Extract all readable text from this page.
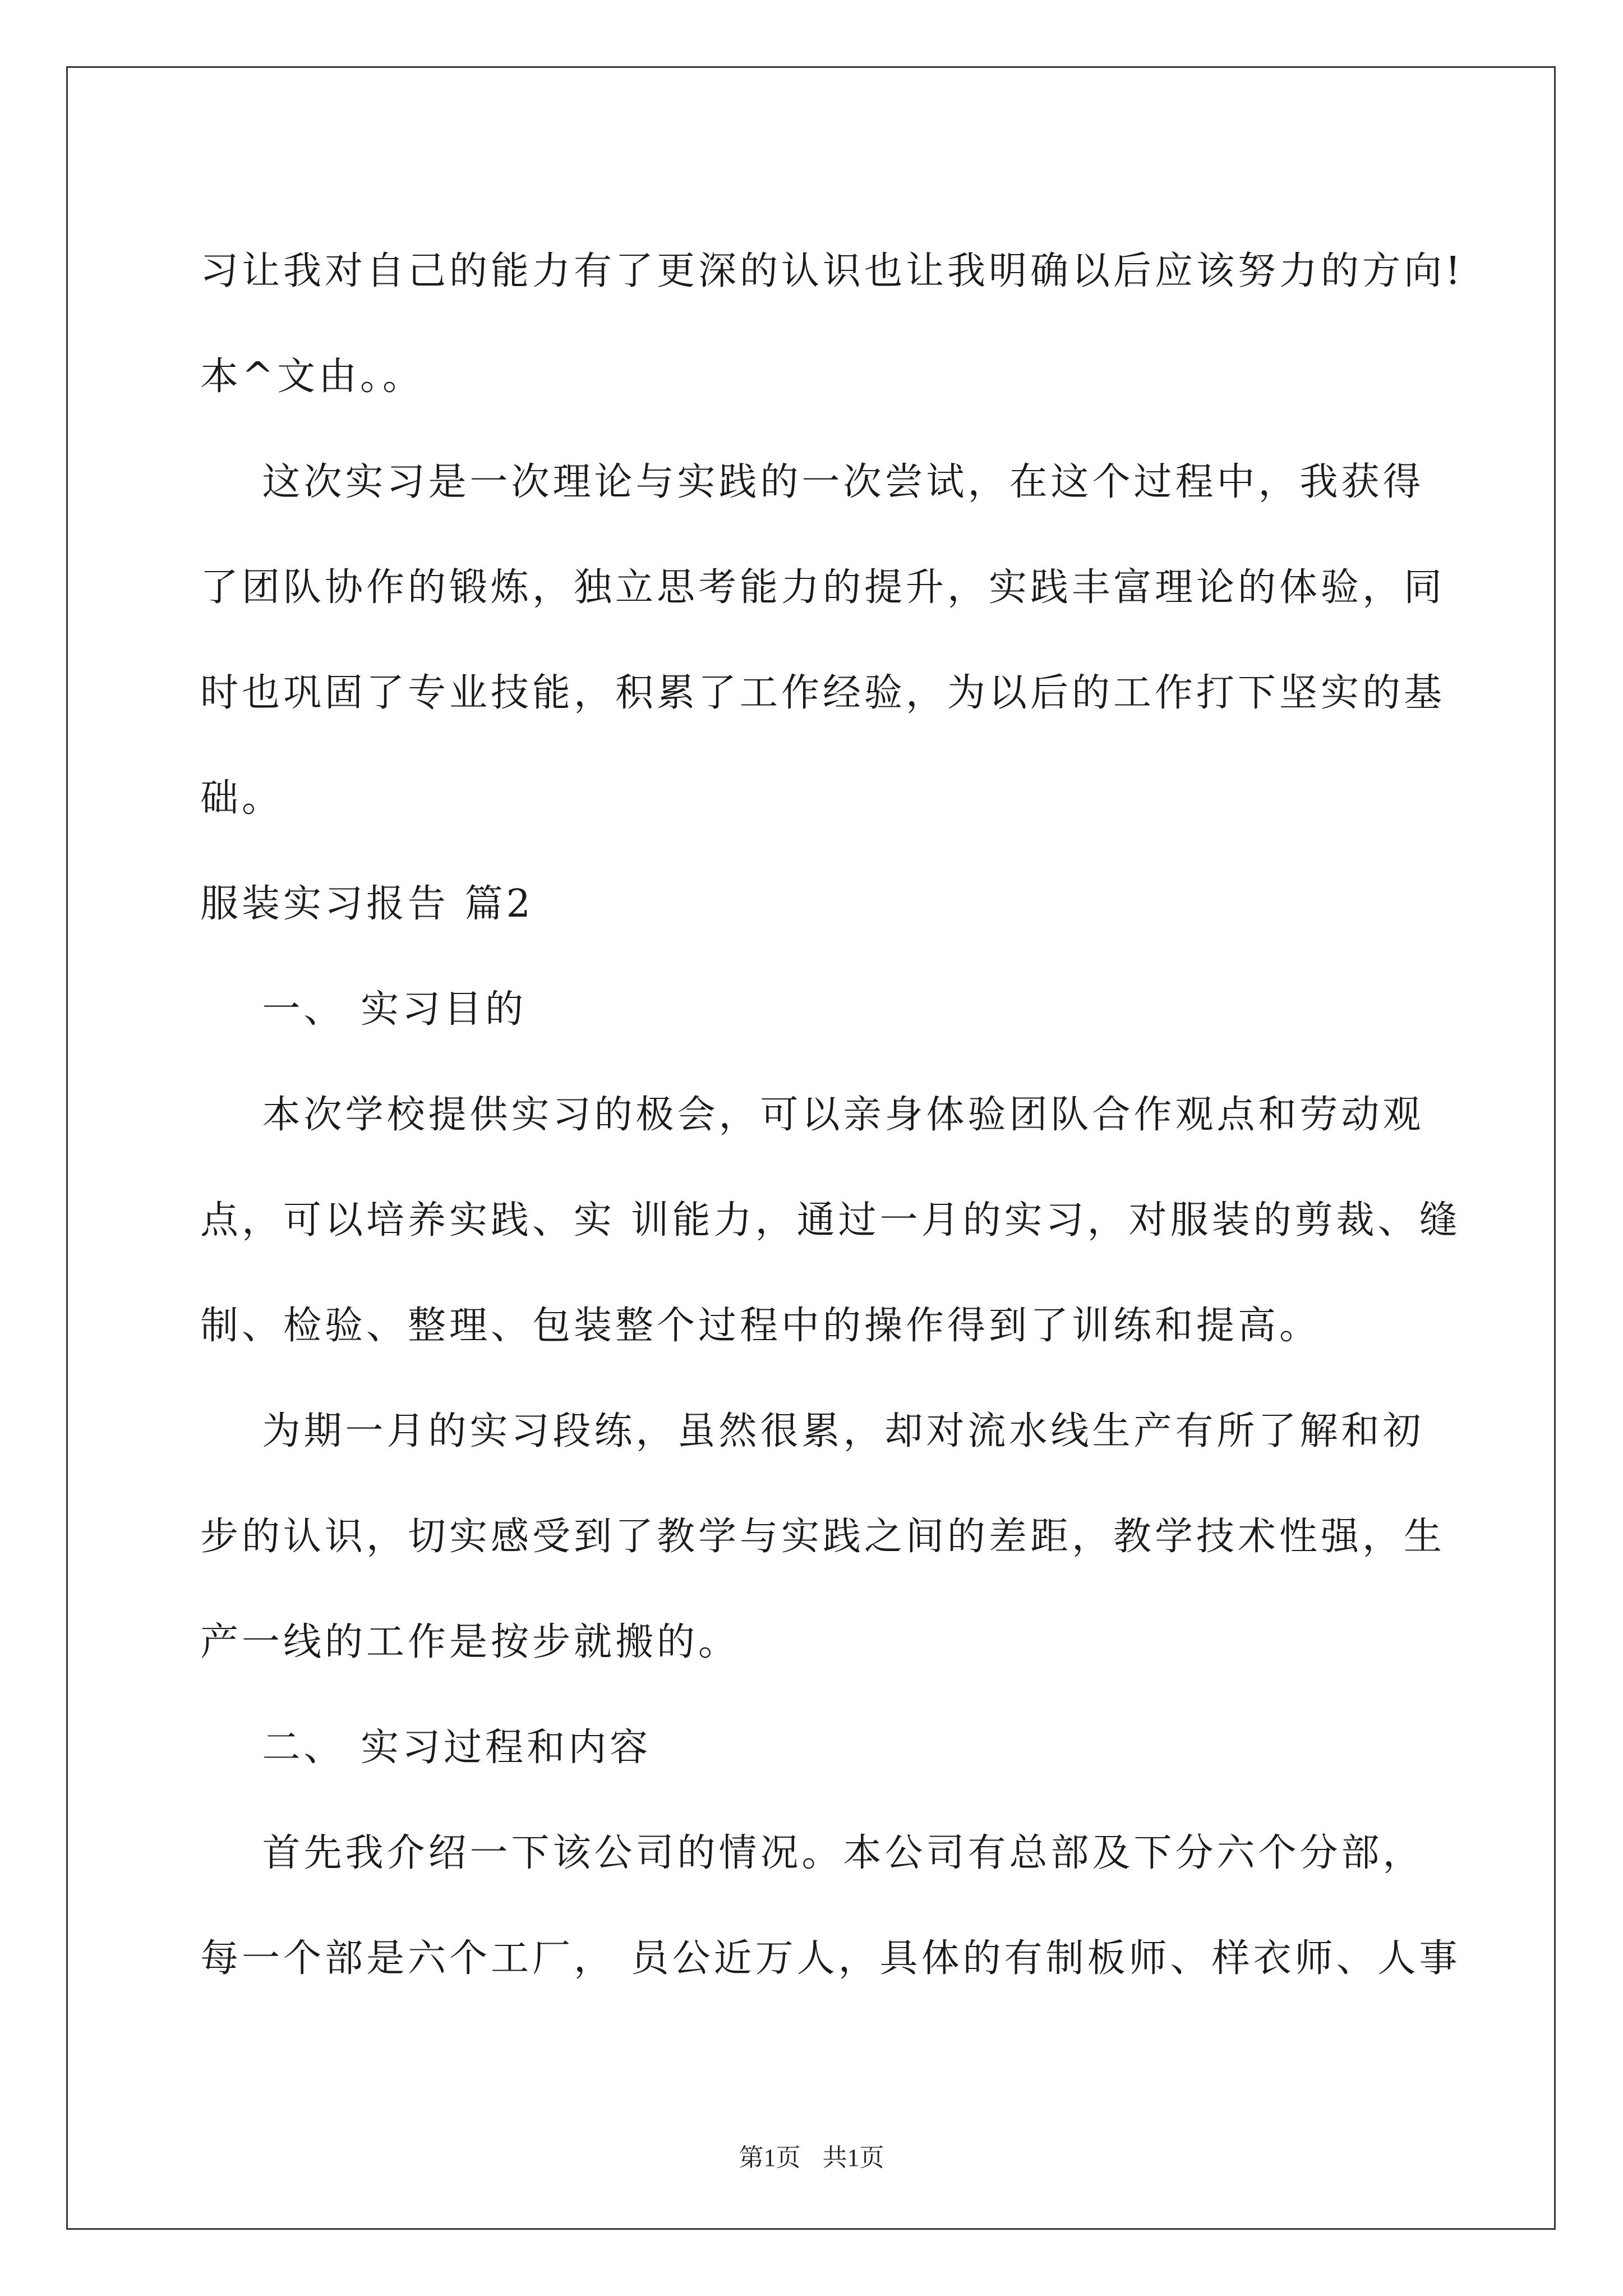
习让我对自己的能力有了更深的认识也让我明确以后应该努力的方向!
本^文由。。
这次实习是一次理论与实践的一次尝试，在这个过程中，我获得
了团队协作的锻炼，独立思考能力的提升，实践丰富理论的体验，同
时也巩固了专业技能，积累了工作经验，为以后的工作打下坚实的基
础。
服装实习报告 篇2
一、 实习目的
本次学校提供实习的极会，可以亲身体验团队合作观点和劳动观
点，可以培养实践、实 训能力，通过一月的实习，对服装的剪裁、缝
制、检验、整理、包装整个过程中的操作得到了训练和提高。
为期一月的实习段练，虽然很累，却对流水线生产有所了解和初
步的认识，切实感受到了教学与实践之间的差距，教学技术性强，生
产一线的工作是按步就搬的。
二、 实习过程和内容
首先我介绍一下该公司的情况。本公司有总部及下分六个分部，
每一个部是六个工厂， 员公近万人，具体的有制板师、样衣师、人事
第1页 共1页
